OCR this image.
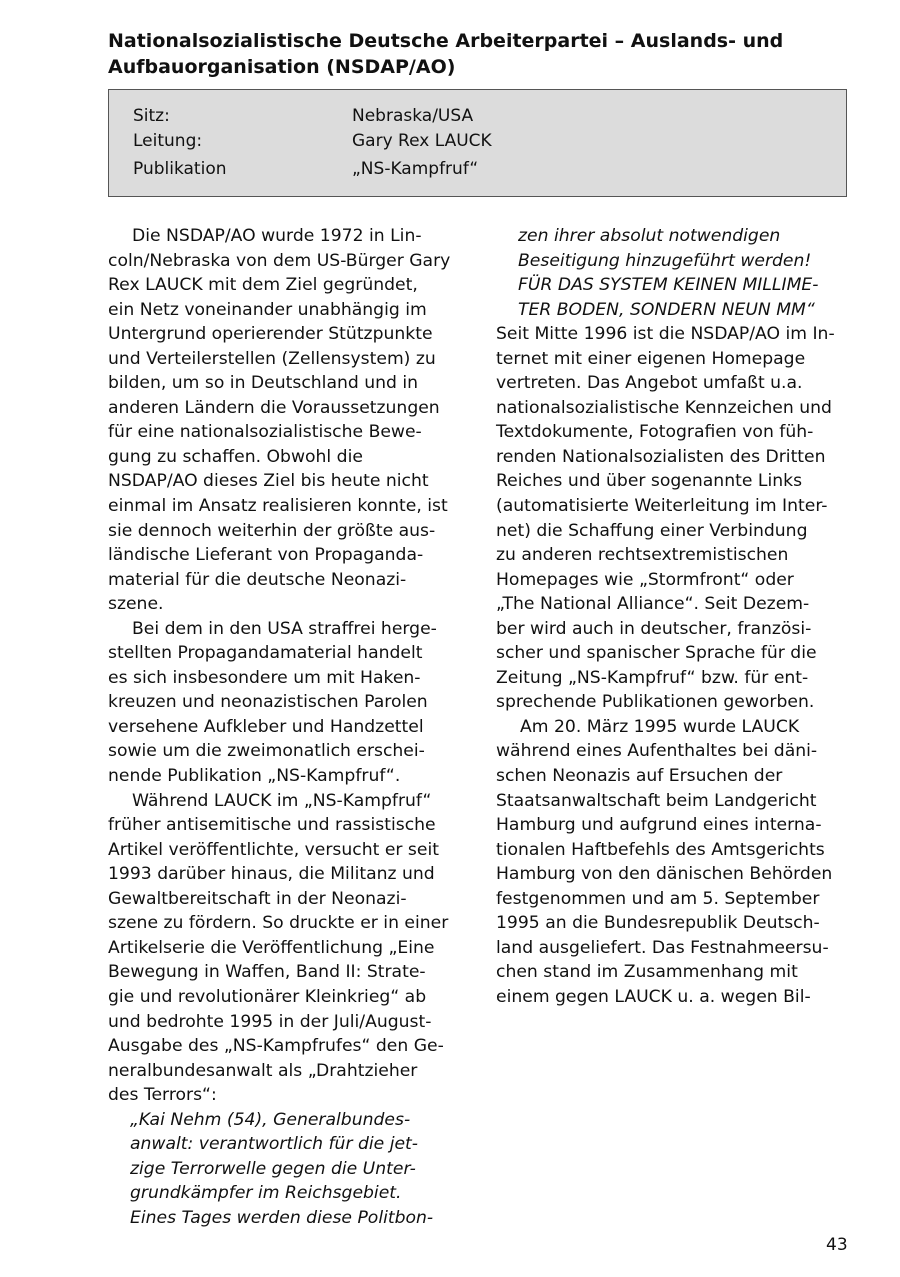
Nationalsozialistische Deutsche Arbeiterpartei – Auslands- und
Aufbauorganisation (NSDAP/AO)
Sitz:	Nebraska/USA
Leitung:	Gary Rex LAUCK
Publikation	„NS-Kampfruf“
Die NSDAP/AO wurde 1972 in Lin-
coln/Nebraska von dem US-Bürger Gary
Rex LAUCK mit dem Ziel gegründet,
ein Netz voneinander unabhängig im
Untergrund operierender Stützpunkte
und Verteilerstellen (Zellensystem) zu
bilden, um so in Deutschland und in
anderen Ländern die Voraussetzungen
für eine nationalsozialistische Bewe-
gung zu schaffen. Obwohl die
NSDAP/AO dieses Ziel bis heute nicht
einmal im Ansatz realisieren konnte, ist
sie dennoch weiterhin der größte aus-
ländische Lieferant von Propaganda-
material für die deutsche Neonazi-
szene.
Bei dem in den USA straffrei herge-
stellten Propagandamaterial handelt
es sich insbesondere um mit Haken-
kreuzen und neonazistischen Parolen
versehene Aufkleber und Handzettel
sowie um die zweimonatlich erschei-
nende Publikation „NS-Kampfruf“.
Während LAUCK im „NS-Kampfruf“
früher antisemitische und rassistische
Artikel veröffentlichte, versucht er seit
1993 darüber hinaus, die Militanz und
Gewaltbereitschaft in der Neonazi-
szene zu fördern. So druckte er in einer
Artikelserie die Veröffentlichung „Eine
Bewegung in Waffen, Band II: Strate-
gie und revolutionärer Kleinkrieg“ ab
und bedrohte 1995 in der Juli/August-
Ausgabe des „NS-Kampfrufes“ den Ge-
neralbundesanwalt als „Drahtzieher
des Terrors“:
„Kai Nehm (54), Generalbundes-
anwalt: verantwortlich für die jet-
zige Terrorwelle gegen die Unter-
grundkämpfer im Reichsgebiet.
Eines Tages werden diese Politbon-
zen ihrer absolut notwendigen
Beseitigung hinzugeführt werden!
FÜR DAS SYSTEM KEINEN MILLIME-
TER BODEN, SONDERN NEUN MM“
Seit Mitte 1996 ist die NSDAP/AO im In-
ternet mit einer eigenen Homepage
vertreten. Das Angebot umfaßt u.a.
nationalsozialistische Kennzeichen und
Textdokumente, Fotografien von füh-
renden Nationalsozialisten des Dritten
Reiches und über sogenannte Links
(automatisierte Weiterleitung im Inter-
net) die Schaffung einer Verbindung
zu anderen rechtsextremistischen
Homepages wie „Stormfront“ oder
„The National Alliance“. Seit Dezem-
ber wird auch in deutscher, französi-
scher und spanischer Sprache für die
Zeitung „NS-Kampfruf“ bzw. für ent-
sprechende Publikationen geworben.
Am 20. März 1995 wurde LAUCK
während eines Aufenthaltes bei däni-
schen Neonazis auf Ersuchen der
Staatsanwaltschaft beim Landgericht
Hamburg und aufgrund eines interna-
tionalen Haftbefehls des Amtsgerichts
Hamburg von den dänischen Behörden
festgenommen und am 5. September
1995 an die Bundesrepublik Deutsch-
land ausgeliefert. Das Festnahmeersu-
chen stand im Zusammenhang mit
einem gegen LAUCK u. a. wegen Bil-
43
